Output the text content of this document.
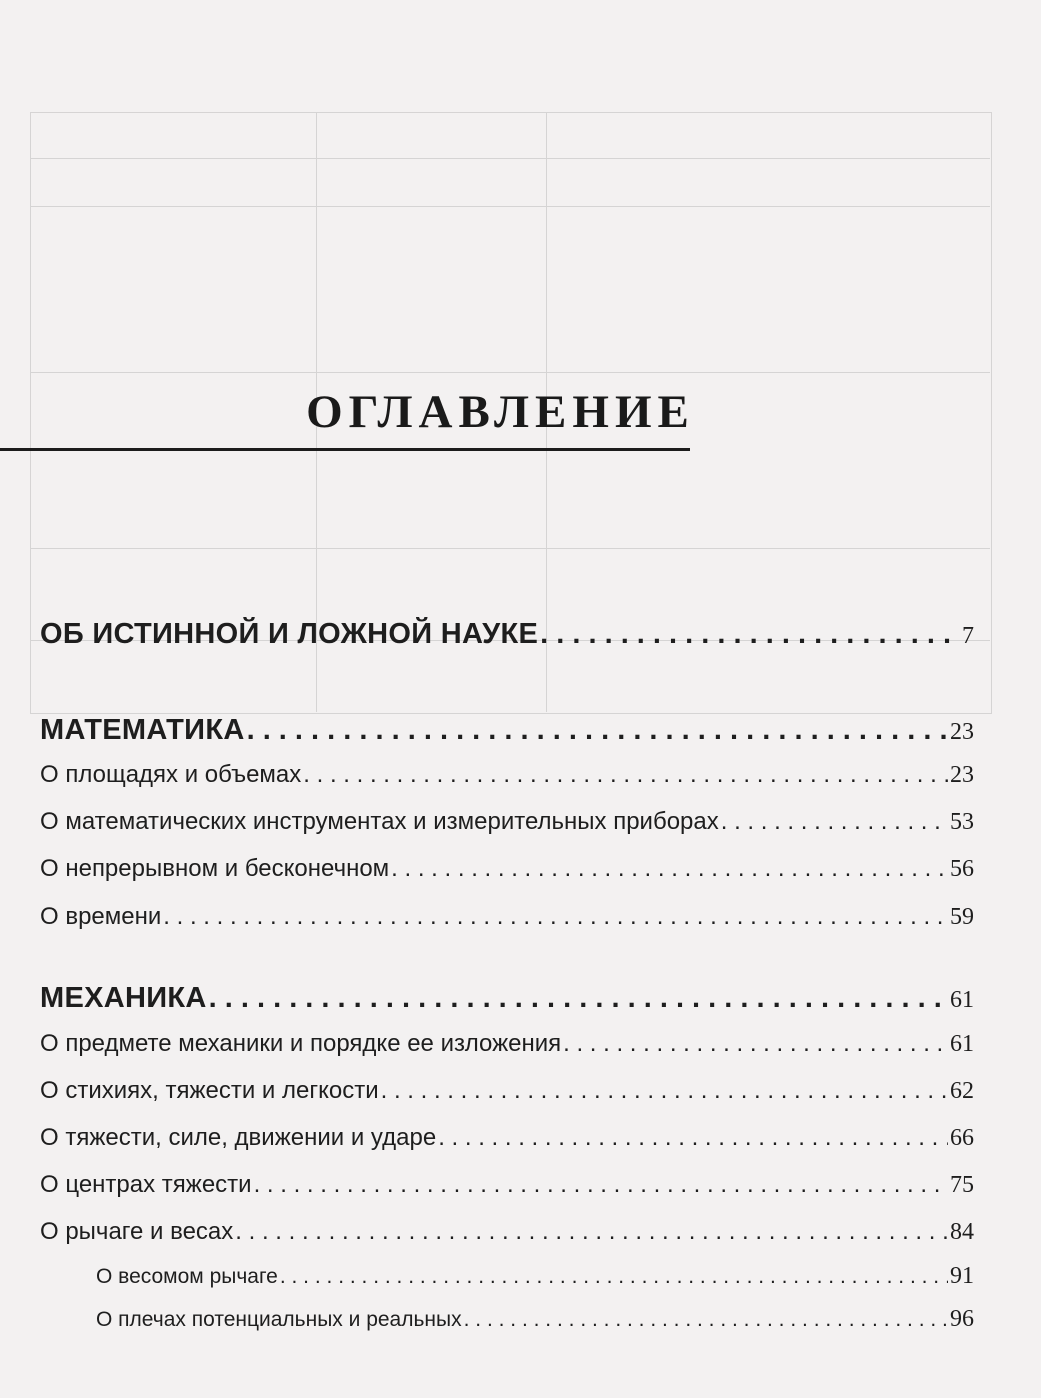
ОГЛАВЛЕНИЕ
ОБ ИСТИННОЙ И ЛОЖНОЙ НАУКЕ . . .	7
МАТЕМАТИКА . . .	23
О площадях и объемах . . .	23
О математических инструментах и измерительных приборах . . .	53
О непрерывном и бесконечном . . .	56
О времени . . .	59
МЕХАНИКА . . .	61
О предмете механики и порядке ее изложения . . .	61
О стихиях, тяжести и легкости . . .	62
О тяжести, силе, движении и ударе . . .	66
О центрах тяжести . . .	75
О рычаге и весах . . .	84
О весомом рычаге . . .	91
О плечах потенциальных и реальных . . .	96
